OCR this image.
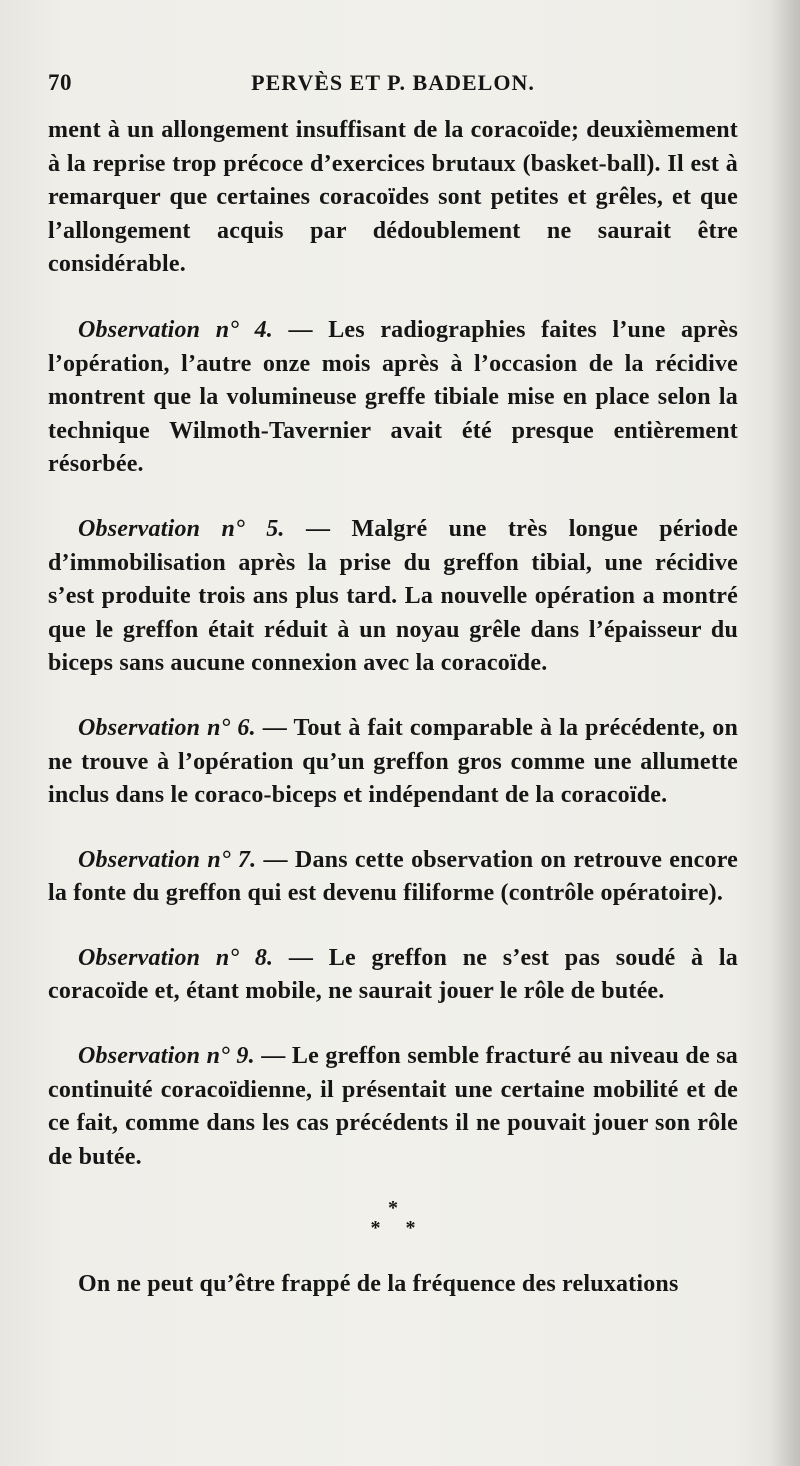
70	PERVÈS ET P. BADELON.

ment à un allongement insuffisant de la coracoïde; deuxièmement à la reprise trop précoce d’exercices brutaux (basket-ball). Il est à remarquer que certaines coracoïdes sont petites et grêles, et que l’allongement acquis par dédoublement ne saurait être considérable.

Observation n° 4. — Les radiographies faites l’une après l’opération, l’autre onze mois après à l’occasion de la récidive montrent que la volumineuse greffe tibiale mise en place selon la technique Wilmoth-Tavernier avait été presque entièrement résorbée.

Observation n° 5. — Malgré une très longue période d’immobilisation après la prise du greffon tibial, une récidive s’est produite trois ans plus tard. La nouvelle opération a montré que le greffon était réduit à un noyau grêle dans l’épaisseur du biceps sans aucune connexion avec la coracoïde.

Observation n° 6. — Tout à fait comparable à la précédente, on ne trouve à l’opération qu’un greffon gros comme une allumette inclus dans le coraco-biceps et indépendant de la coracoïde.

Observation n° 7. — Dans cette observation on retrouve encore la fonte du greffon qui est devenu filiforme (contrôle opératoire).

Observation n° 8. — Le greffon ne s’est pas soudé à la coracoïde et, étant mobile, ne saurait jouer le rôle de butée.

Observation n° 9. — Le greffon semble fracturé au niveau de sa continuité coracoïdienne, il présentait une certaine mobilité et de ce fait, comme dans les cas précédents il ne pouvait jouer son rôle de butée.

*
* *

On ne peut qu’être frappé de la fréquence des reluxations
